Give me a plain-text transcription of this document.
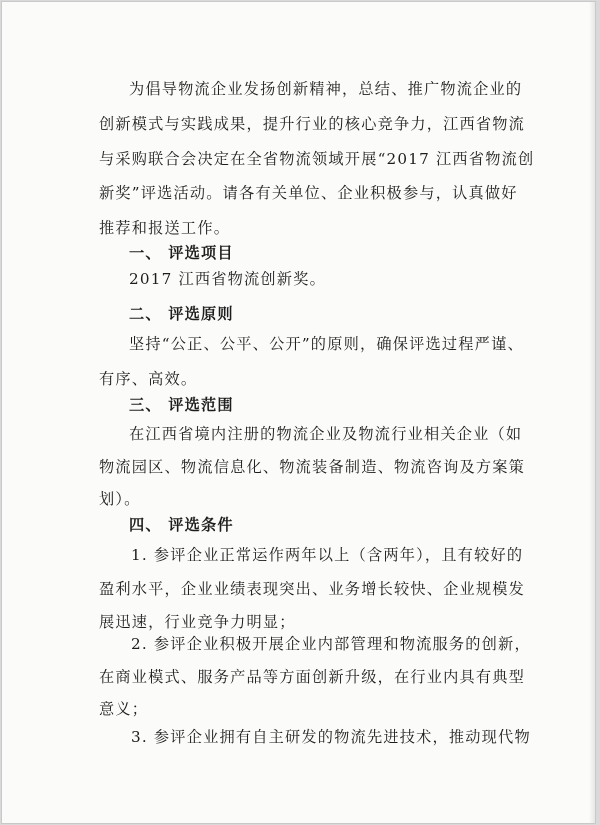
为倡导物流企业发扬创新精神，总结、推广物流企业的
创新模式与实践成果，提升行业的核心竞争力，江西省物流
与采购联合会决定在全省物流领域开展“2017 江西省物流创
新奖”评选活动。请各有关单位、企业积极参与，认真做好
推荐和报送工作。
一、 评选项目
2017 江西省物流创新奖。
二、 评选原则
坚持“公正、公平、公开”的原则，确保评选过程严谨、
有序、高效。
三、 评选范围
在江西省境内注册的物流企业及物流行业相关企业（如
物流园区、物流信息化、物流装备制造、物流咨询及方案策
划）。
四、 评选条件
1. 参评企业正常运作两年以上（含两年），且有较好的
盈利水平，企业业绩表现突出、业务增长较快、企业规模发
展迅速，行业竞争力明显；
2. 参评企业积极开展企业内部管理和物流服务的创新，
在商业模式、服务产品等方面创新升级，在行业内具有典型
意义；
3. 参评企业拥有自主研发的物流先进技术，推动现代物
